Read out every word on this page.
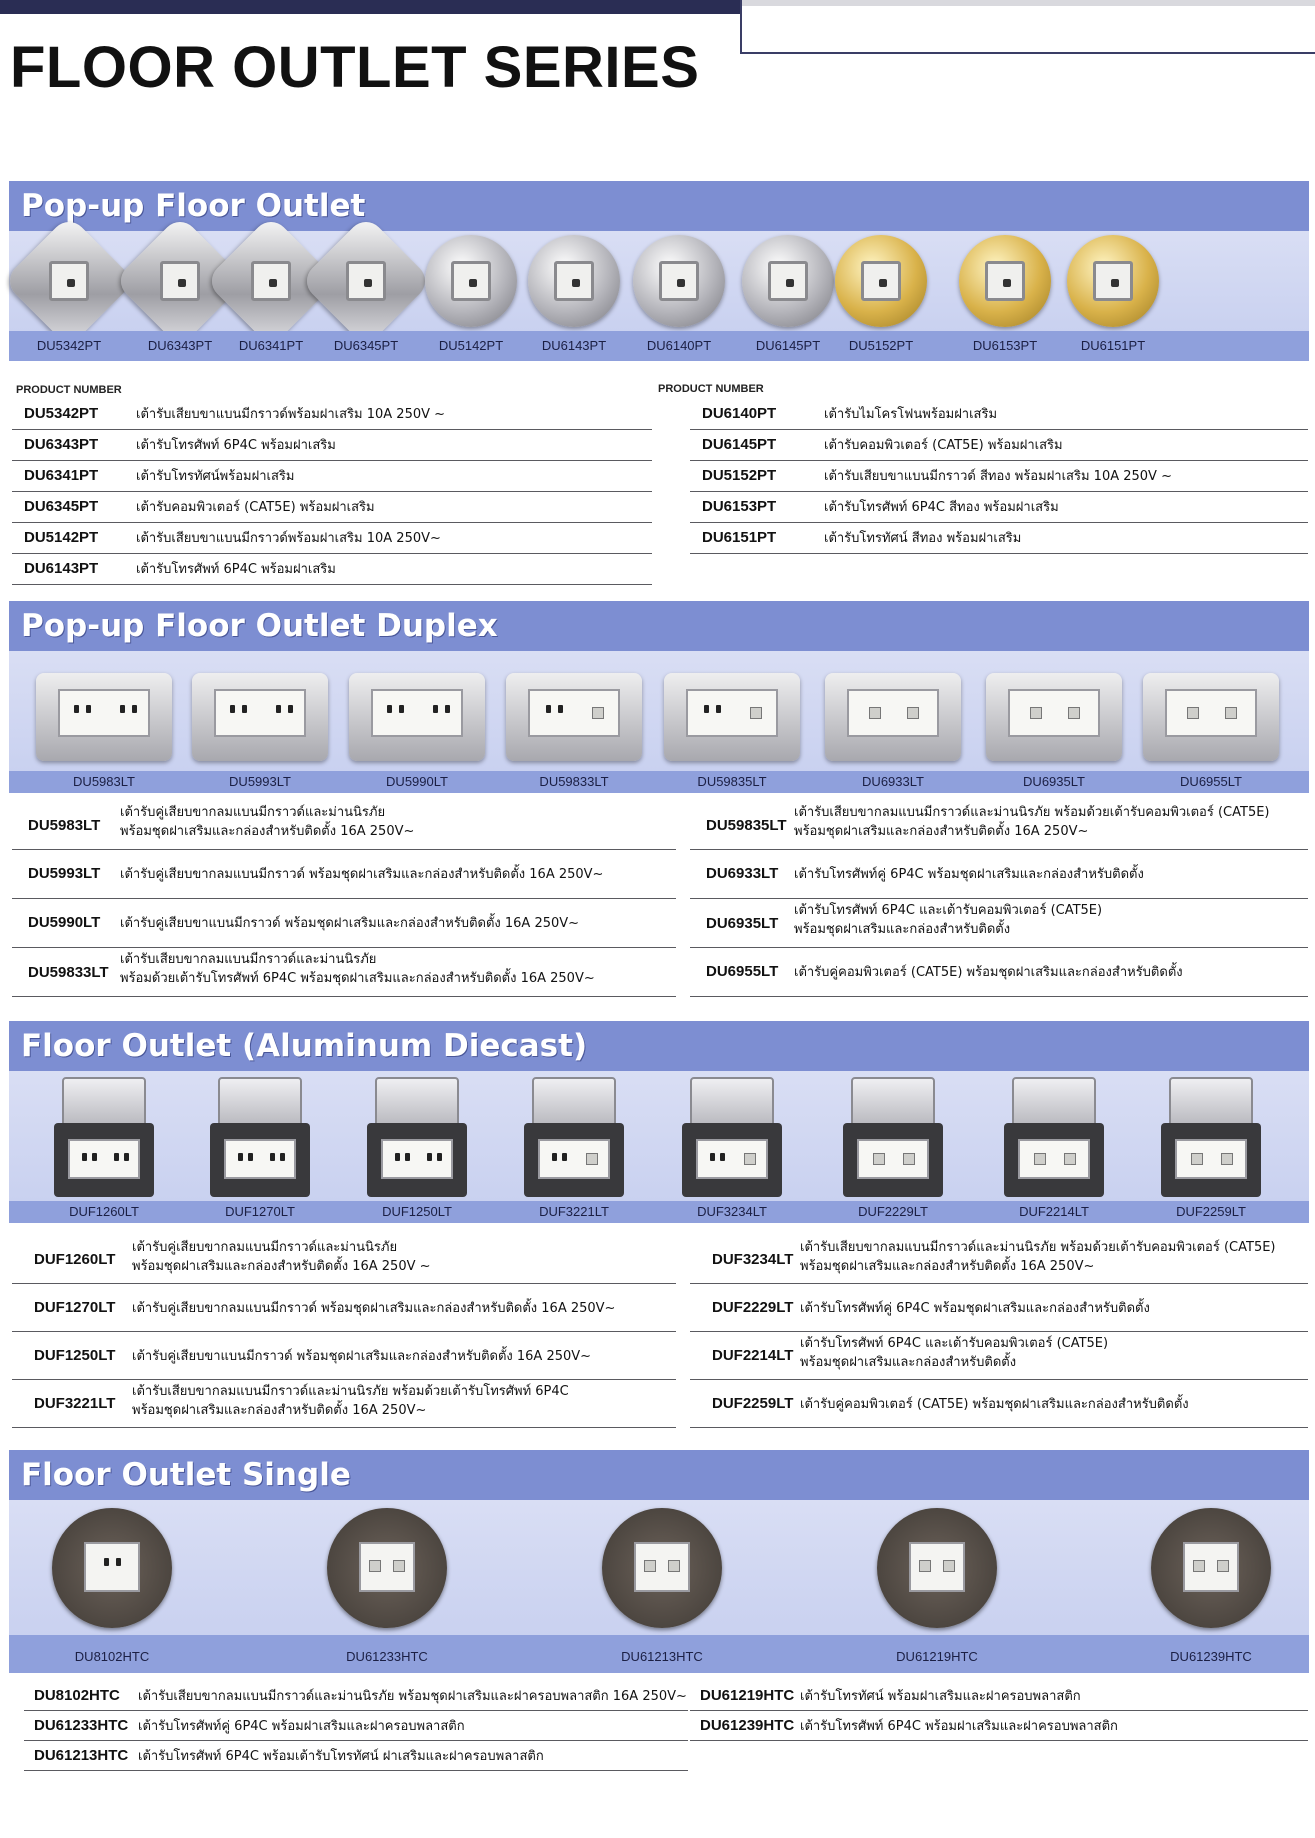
FLOOR OUTLET SERIES
Pop-up Floor Outlet
DU5342PT	DU6343PT DU6341PT DU6345PT	DU5142PT	DU6143PT	DU6140PT	DU6145PT DU5152PT	DU6153PT	DU6151PT
PRODUCT NUMBER	PRODUCT NUMBER
DU5342PT	เต้ารับเสียบขาแบนมีกราวด์พร้อมฝาเสริม 10A 250V ~
DU6343PT	เต้ารับโทรศัพท์ 6P4C พร้อมฝาเสริม
DU6341PT	เต้ารับโทรทัศน์พร้อมฝาเสริม
DU6345PT	เต้ารับคอมพิวเตอร์ (CAT5E) พร้อมฝาเสริม
DU5142PT	เต้ารับเสียบขาแบนมีกราวด์พร้อมฝาเสริม 10A 250V~
DU6143PT	เต้ารับโทรศัพท์ 6P4C พร้อมฝาเสริม
DU6140PT	เต้ารับไมโครโฟนพร้อมฝาเสริม
DU6145PT	เต้ารับคอมพิวเตอร์ (CAT5E) พร้อมฝาเสริม
DU5152PT	เต้ารับเสียบขาแบนมีกราวด์ สีทอง พร้อมฝาเสริม 10A 250V ~
DU6153PT	เต้ารับโทรศัพท์ 6P4C สีทอง พร้อมฝาเสริม
DU6151PT	เต้ารับโทรทัศน์ สีทอง พร้อมฝาเสริม
Pop-up Floor Outlet Duplex
DU5983LT	DU5993LT	DU5990LT	DU59833LT	DU59835LT	DU6933LT	DU6935LT	DU6955LT
DU5983LT
เต้ารับคู่เสียบขากลมแบนมีกราวด์และม่านนิรภัย
พร้อมชุดฝาเสริมและกล่องสำหรับติดตั้ง 16A 250V~
DU5993LT เต้ารับคู่เสียบขากลมแบนมีกราวด์ พร้อมชุดฝาเสริมและกล่องสำหรับติดตั้ง 16A 250V~
DU5990LT เต้ารับคู่เสียบขาแบนมีกราวด์ พร้อมชุดฝาเสริมและกล่องสำหรับติดตั้ง 16A 250V~
DU59833LT
เต้ารับเสียบขากลมแบนมีกราวด์และม่านนิรภัย
พร้อมด้วยเต้ารับโทรศัพท์ 6P4C พร้อมชุดฝาเสริมและกล่องสำหรับติดตั้ง 16A 250V~
DU59835LT
เต้ารับเสียบขากลมแบนมีกราวด์และม่านนิรภัย พร้อมด้วยเต้ารับคอมพิวเตอร์ (CAT5E)
พร้อมชุดฝาเสริมและกล่องสำหรับติดตั้ง 16A 250V~
DU6933LT เต้ารับโทรศัพท์คู่ 6P4C พร้อมชุดฝาเสริมและกล่องสำหรับติดตั้ง
DU6935LT
เต้ารับโทรศัพท์ 6P4C และเต้ารับคอมพิวเตอร์ (CAT5E)
พร้อมชุดฝาเสริมและกล่องสำหรับติดตั้ง
DU6955LT เต้ารับคู่คอมพิวเตอร์ (CAT5E) พร้อมชุดฝาเสริมและกล่องสำหรับติดตั้ง
Floor Outlet (Aluminum Diecast)
DUF1260LT	DUF1270LT	DUF1250LT	DUF3221LT	DUF3234LT	DUF2229LT	DUF2214LT	DUF2259LT
DUF1260LT
เต้ารับคู่เสียบขากลมแบนมีกราวด์และม่านนิรภัย
พร้อมชุดฝาเสริมและกล่องสำหรับติดตั้ง 16A 250V ~
DUF1270LT เต้ารับคู่เสียบขากลมแบนมีกราวด์ พร้อมชุดฝาเสริมและกล่องสำหรับติดตั้ง 16A 250V~
DUF1250LT เต้ารับคู่เสียบขาแบนมีกราวด์ พร้อมชุดฝาเสริมและกล่องสำหรับติดตั้ง 16A 250V~
DUF3221LT
เต้ารับเสียบขากลมแบนมีกราวด์และม่านนิรภัย พร้อมด้วยเต้ารับโทรศัพท์ 6P4C
พร้อมชุดฝาเสริมและกล่องสำหรับติดตั้ง 16A 250V~
DUF3234LT
เต้ารับเสียบขากลมแบนมีกราวด์และม่านนิรภัย พร้อมด้วยเต้ารับคอมพิวเตอร์ (CAT5E)
พร้อมชุดฝาเสริมและกล่องสำหรับติดตั้ง 16A 250V~
DUF2229LT เต้ารับโทรศัพท์คู่ 6P4C พร้อมชุดฝาเสริมและกล่องสำหรับติดตั้ง
DUF2214LT
เต้ารับโทรศัพท์ 6P4C และเต้ารับคอมพิวเตอร์ (CAT5E)
พร้อมชุดฝาเสริมและกล่องสำหรับติดตั้ง
DUF2259LT เต้ารับคู่คอมพิวเตอร์ (CAT5E) พร้อมชุดฝาเสริมและกล่องสำหรับติดตั้ง
Floor Outlet Single
DU8102HTC	DU61233HTC	DU61213HTC	DU61219HTC	DU61239HTC
DU8102HTC เต้ารับเสียบขากลมแบนมีกราวด์และม่านนิรภัย พร้อมชุดฝาเสริมและฝาครอบพลาสติก 16A 250V~
DU61233HTC เต้ารับโทรศัพท์คู่ 6P4C พร้อมฝาเสริมและฝาครอบพลาสติก
DU61213HTC เต้ารับโทรศัพท์ 6P4C พร้อมเต้ารับโทรทัศน์ ฝาเสริมและฝาครอบพลาสติก
DU61219HTC เต้ารับโทรทัศน์ พร้อมฝาเสริมและฝาครอบพลาสติก
DU61239HTC เต้ารับโทรศัพท์ 6P4C พร้อมฝาเสริมและฝาครอบพลาสติก
